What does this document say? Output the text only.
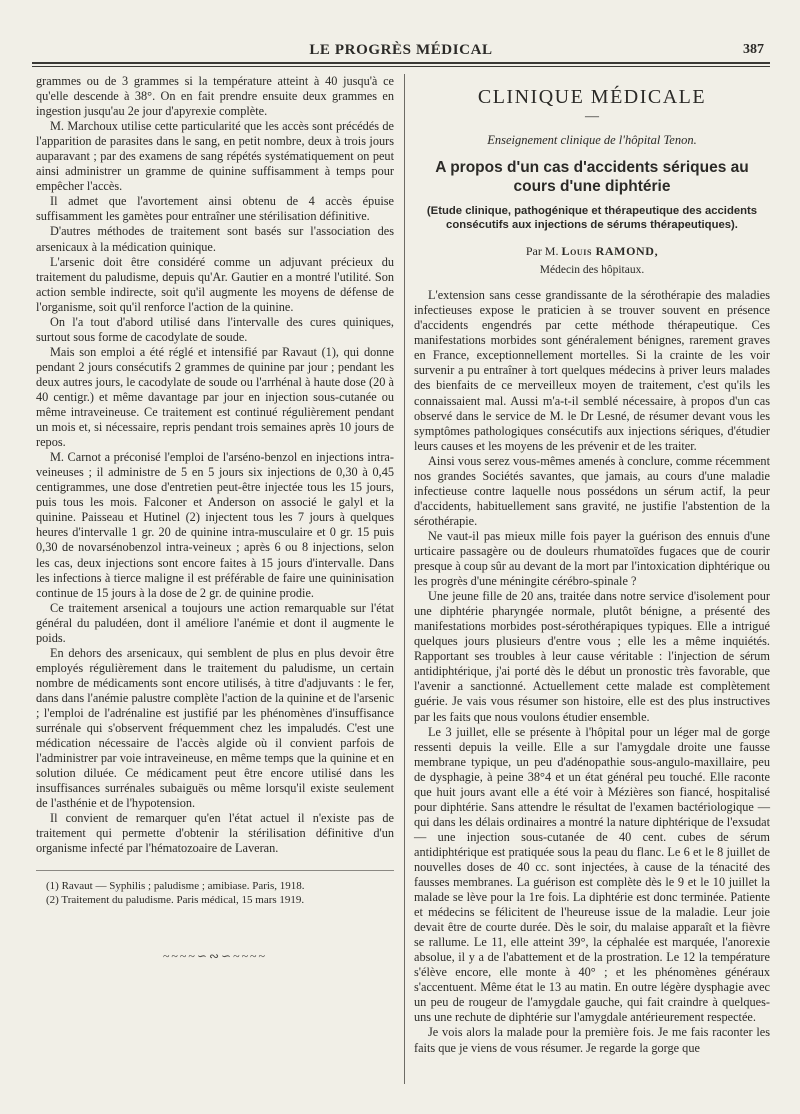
LE PROGRÈS MÉDICAL	387

grammes ou de 3 grammes si la température atteint à 40 jusqu'à ce qu'elle descende à 38°. On en fait prendre ensuite deux grammes en ingestion jusqu'au 2e jour d'apyrexie complète.

M. Marchoux utilise cette particularité que les accès sont précédés de l'apparition de parasites dans le sang, en petit nombre, deux à trois jours auparavant ; par des examens de sang répétés systématiquement on peut ainsi administrer un gramme de quinine suffisamment à temps pour empêcher l'accès.

Il admet que l'avortement ainsi obtenu de 4 accès épuise suffisamment les gamètes pour entraîner une stérilisation définitive.

D'autres méthodes de traitement sont basés sur l'association des arsenicaux à la médication quinique.

L'arsenic doit être considéré comme un adjuvant précieux du traitement du paludisme, depuis qu'Ar. Gautier en a montré l'utilité. Son action semble indirecte, soit qu'il augmente les moyens de défense de l'organisme, soit qu'il renforce l'action de la quinine.

On l'a tout d'abord utilisé dans l'intervalle des cures quiniques, surtout sous forme de cacodylate de soude.

Mais son emploi a été réglé et intensifié par Ravaut (1), qui donne pendant 2 jours consécutifs 2 grammes de quinine par jour ; pendant les deux autres jours, le cacodylate de soude ou l'arrhénal à haute dose (20 à 40 centigr.) et même davantage par jour en injection sous-cutanée ou même intraveineuse. Ce traitement est continué régulièrement pendant un mois et, si nécessaire, repris pendant trois semaines après 10 jours de repos.

M. Carnot a préconisé l'emploi de l'arséno-benzol en injections intra-veineuses ; il administre de 5 en 5 jours six injections de 0,30 à 0,45 centigrammes, une dose d'entretien peut-être injectée tous les 15 jours, puis tous les mois. Falconer et Anderson on associé le galyl et la quinine. Paisseau et Hutinel (2) injectent tous les 7 jours à quelques heures d'intervalle 1 gr. 20 de quinine intra-musculaire et 0 gr. 15 puis 0,30 de novarsénobenzol intra-veineux ; après 6 ou 8 injections, selon les cas, deux injections sont encore faites à 15 jours d'intervalle. Dans les infections à tierce maligne il est préférable de faire une quininisation continue de 15 jours à la dose de 2 gr. de quinine prodie.

Ce traitement arsenical a toujours une action remarquable sur l'état général du paludéen, dont il améliore l'anémie et dont il augmente le poids.

En dehors des arsenicaux, qui semblent de plus en plus devoir être employés régulièrement dans le traitement du paludisme, un certain nombre de médicaments sont encore utilisés, à titre d'adjuvants : le fer, dans dans l'anémie palustre complète l'action de la quinine et de l'arsenic ; l'emploi de l'adrénaline est justifié par les phénomènes d'insuffisance surrénale qui s'observent fréquemment chez les impaludés. C'est une médication nécessaire de l'accès algide où il convient parfois de l'administrer par voie intraveineuse, en même temps que la quinine et en solution diluée. Ce médicament peut être encore utilisé dans les insuffisances surrénales subaiguës ou même lorsqu'il existe seulement de l'asthénie et de l'hypotension.

Il convient de remarquer qu'en l'état actuel il n'existe pas de traitement qui permette d'obtenir la stérilisation définitive d'un organisme infecté par l'hématozoaire de Laveran.

(1) Ravaut — Syphilis ; paludisme ; amibiase. Paris, 1918.

(2) Traitement du paludisme. Paris médical, 15 mars 1919.

~~~~∽∾∽~~~~
CLINIQUE MÉDICALE
—
Enseignement clinique de l'hôpital Tenon.
A propos d'un cas d'accidents sériques au cours d'une diphtérie
(Etude clinique, pathogénique et thérapeutique des accidents consécutifs aux injections de sérums thérapeutiques).
Par M. Louis RAMOND,
Médecin des hôpitaux.

L'extension sans cesse grandissante de la sérothérapie des maladies infectieuses expose le praticien à se trouver souvent en présence d'accidents engendrés par cette méthode thérapeutique. Ces manifestations morbides sont généralement bénignes, rarement graves en France, exceptionnellement mortelles. Si la crainte de les voir survenir a pu entraîner à tort quelques médecins à priver leurs malades des bienfaits de ce merveilleux moyen de traitement, c'est qu'ils les connaissaient mal. Aussi m'a-t-il semblé nécessaire, à propos d'un cas observé dans le service de M. le Dr Lesné, de résumer devant vous les symptômes pathologiques consécutifs aux injections sériques, d'étudier leurs causes et les moyens de les prévenir et de les traiter.

Ainsi vous serez vous-mêmes amenés à conclure, comme récemment nos grandes Sociétés savantes, que jamais, au cours d'une maladie infectieuse contre laquelle nous possédons un sérum actif, la peur d'accidents, habituellement sans gravité, ne justifie l'abstention de la sérothérapie.

Ne vaut-il pas mieux mille fois payer la guérison des ennuis d'une urticaire passagère ou de douleurs rhumatoïdes fugaces que de courir presque à coup sûr au devant de la mort par l'intoxication diphtérique ou les progrès d'une méningite cérébro-spinale ?

Une jeune fille de 20 ans, traitée dans notre service d'isolement pour une diphtérie pharyngée normale, plutôt bénigne, a présenté des manifestations morbides post-sérothérapiques typiques. Elle a intrigué quelques jours plusieurs d'entre vous ; elle les a même inquiétés. Rapportant ses troubles à leur cause véritable : l'injection de sérum antidiphtérique, j'ai porté dès le début un pronostic très favorable, que l'avenir a sanctionné. Actuellement cette malade est complètement guérie. Je vais vous résumer son histoire, elle est des plus instructives par les faits que nous voulons étudier ensemble.

Le 3 juillet, elle se présente à l'hôpital pour un léger mal de gorge ressenti depuis la veille. Elle a sur l'amygdale droite une fausse membrane typique, un peu d'adénopathie sous-angulo-maxillaire, peu de dysphagie, à peine 38°4 et un état général peu touché. Elle raconte que huit jours avant elle a été voir à Mézières son fiancé, hospitalisé pour diphtérie. Sans attendre le résultat de l'examen bactériologique — qui dans les délais ordinaires a montré la nature diphtérique de l'exsudat — une injection sous-cutanée de 40 cent. cubes de sérum antidiphtérique est pratiquée sous la peau du flanc. Le 6 et le 8 juillet de nouvelles doses de 40 cc. sont injectées, à cause de la ténacité des fausses membranes. La guérison est complète dès le 9 et le 10 juillet la malade se lève pour la 1re fois. La diphtérie est donc terminée. Patiente et médecins se félicitent de l'heureuse issue de la maladie. Leur joie devait être de courte durée. Dès le soir, du malaise apparaît et la fièvre se rallume. Le 11, elle atteint 39°, la céphalée est marquée, l'anorexie absolue, il y a de l'abattement et de la prostration. Le 12 la température s'élève encore, elle monte à 40° ; et les phénomènes généraux s'accentuent. Même état le 13 au matin. En outre légère dysphagie avec un peu de rougeur de l'amygdale gauche, qui fait craindre à quelques-uns une rechute de diphtérie sur l'amygdale antérieurement respectée.

Je vois alors la malade pour la première fois. Je me fais raconter les faits que je viens de vous résumer. Je regarde la gorge que
